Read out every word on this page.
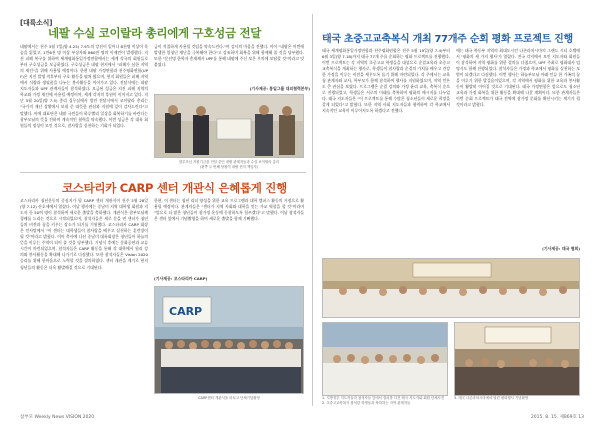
[대륙소식]
네팔 수실 코이랄라 총리에게 구호성금 전달
네팔에서는 천주 3월 7일(양 4.25) 7.9도의 강진이 일어나 8천명 이상이 목숨을 잃었고, 1만6천 명 이상 부상자와 860만 명의 이재민이 발생했다. 지진 피해 복구를 위하여 세계평화통일가정연합에서는 세계 각국의 회원들로부터 구호성금을 모금하였다. 구호성금은 네팔 현지에서 "피해가 심한 지역의 재건"을 위해 사용될 예정이다. 한편 네팔 가정연합과 천주평화연합(UPF)은 지진 발생 직후부터 구호 활동을 펼쳐 왔으며, 현지 회원들은 피해 지역에서 식량과 생필품을 나누는 봉사활동을 이어가고 있다. 전달식에는 네팔 지도자들과 UPF 관계자들이 참석하였다. 모금된 성금은 지진 피해 지역의 학교와 가정 재건에 사용될 예정이며, 세계 각지의 후원이 이어지고 있다. 지난 5월 20일(양 7.5) 총리 집무실에서 열린 전달식에서 코이랄라 총리는 "국가적 재난 상황에서 보내 준 따뜻한 관심과 지원에 깊이 감사드린다"고 말했다. 이에 대표단은 네팔 국민들이 하루빨리 일상을 회복하기를 바란다는 참부모님의 뜻을 전하며 계속적인 협력을 약속했다. 이번 성금은 각 대륙 회원들의 정성이 모인 것으로, 참사랑을 실천하는 기회가 되었다.
참부모님 지원기금을 전달 중인 네팔 관계자들과 수실 코이랄라 총리
(왼쪽 두 번째 당원이 네팔 현지 책임자)
금이 적절하게 사용될 것임을 약속드린다."며 감사의 마음을 전했다. 이어 "네팔은 이번에 발생한 엄청난 재난을 극복해야 한다"고 강조하며 회복을 위해 함께해 줄 것을 당부했다. 또한 "문선명 한학자 총재께서 UPF를 통해 네팔에 주신 보은 우의에 보답할 것"이라고 덧붙였다.
(기사제공: 통일그룹 대외협력본부)
코스타리카 CARP 센터 개관식 은혜롭게 진행
코스타리카 청년운동의 중심지가 될 CARP 센터 개관식이 천주 5월 28일(양 7.12) 산호세에서 열렸다. 이날 행사에는 중남미 지역 대학생 회원과 지도자 등 50여 명이 참석하여 새로운 출발을 축하했다. 개관식은 참부모님께 경배를 드리는 것으로 시작되었으며, 참석자들은 새로 문을 연 센터가 청년들의 비전과 꿈을 키우는 장소가 되기를 기원했다. 코스타리카 CARP 회장은 인사말에서 "이 센터는 대학생들이 참사랑을 배우고 실천하는 훈련장이 될 것"이라고 밝혔다. 이어 축사에 나선 중남미 대륙회장은 청년들이 하늘의 뜻을 이루는 주역이 되어 줄 것을 당부했다. 기념식 후에는 문화공연과 교류 시간이 마련되었으며, 참석자들은 CARP 활동을 통해 각 대학에서 원리 강의와 봉사활동을 확대해 나가기로 다짐했다. 또한 참석자들은 Vision 2020 승리를 위해 한마음으로 노력할 것을 결의하였다. 센터 개관을 계기로 현지 청년들의 활동은 더욱 활발해질 것으로 기대된다.
한편, 이 센터는 청년 리더 양성을 위한 교육 프로그램과 대학 캠퍼스 활동의 거점으로 활용될 예정이다. 관계자들은 "센터가 지역 사회와 대학을 잇는 가교 역할을 할 것"이라며 "앞으로 더 많은 청년들이 참가정 운동에 동참하도록 힘쓰겠다"고 말했다. 이날 참석자들은 센터 앞에서 기념촬영을 하며 새로운 출발을 함께 기뻐했다.
(기사제공: 코스타리카 CARP)
CARP
CARP센터 개관식을 마치고 단체기념촬영
태국 초중고교축복식 개최 77개주 순회 평화 프로젝트 진행
태국 세계평화통일가정연합과 천주평화연합은 천주 5월 19일(양 7.4)부터 6월 3일(양 7.18)까지 태국 77개 주를 순회하는 평화 프로젝트를 진행했다. 이번 프로젝트는 각 지역의 초중고교 학생들을 대상으로 순결교육과 초중고교축복식을 개최하는 행사로, 학생들이 참사랑과 순결의 가치를 배우고 건강한 가정을 이루는 비전을 세우도록 돕기 위해 마련되었다. 각 주에서는 교육청 관계자와 교사, 학부모가 함께 참석하여 행사를 지원하였으며, 지역 언론도 큰 관심을 보였다. 프로그램은 순결 강의와 가정 윤리 교육, 축복식 순으로 진행되었고, 학생들은 서로의 미래를 축복하며 평화의 메시지를 나누었다. 태국 지도자들은 "이 프로젝트를 통해 수많은 청소년들이 새로운 희망을 갖게 되었다"고 밝혔다. 또한 지역 사회 지도자들과 협력하여 각 학교에서 지속적인 교육이 이루어지도록 하겠다고 전했다.
에는 태국 북동부 지역의 최대도시인 나콘라차시마의 그랜드 시티 호텔에서 '평화의 세 가지 행사'가 열렸다. 전국 각지에서 모인 지도자와 회원들이 참석하여 지역 평화를 위한 결의를 다졌으며, UPF 주최로 평화대사 임명식도 함께 진행되었다. 참석자들은 가정과 학교에서 평화를 실천하는 모범이 되겠다고 다짐했다. 이번 행사는 하늘부모님 아래 인류 한 가족의 꿈을 이루기 위한 발걸음이었으며, 각 지역에서 평화를 위한 교육과 봉사활동이 활발히 이어질 것으로 기대된다. 태국 가정연합은 앞으로도 청소년 교육과 가정 회복을 위한 활동을 확대해 나갈 계획이다. 또한 관계자들은 이번 순회 프로젝트가 태국 전역에 참가정 문화를 확산시키는 계기가 될 것이라고 밝혔다.
(기사제공: 태국 협회)
1. 지방정부 지도자들과 참석자들 앞에서 결의를 다진 태국 지도자와 회원 단체사진
2. 초중고교축복식 참석한 학생들과 축하하는 지역 관계자들
3. 태국 나콘라차시마에서 열린 평화행사 기념촬영
참부모 Weekly News VISION 2020	2015. 8. 15. 제869호 13
